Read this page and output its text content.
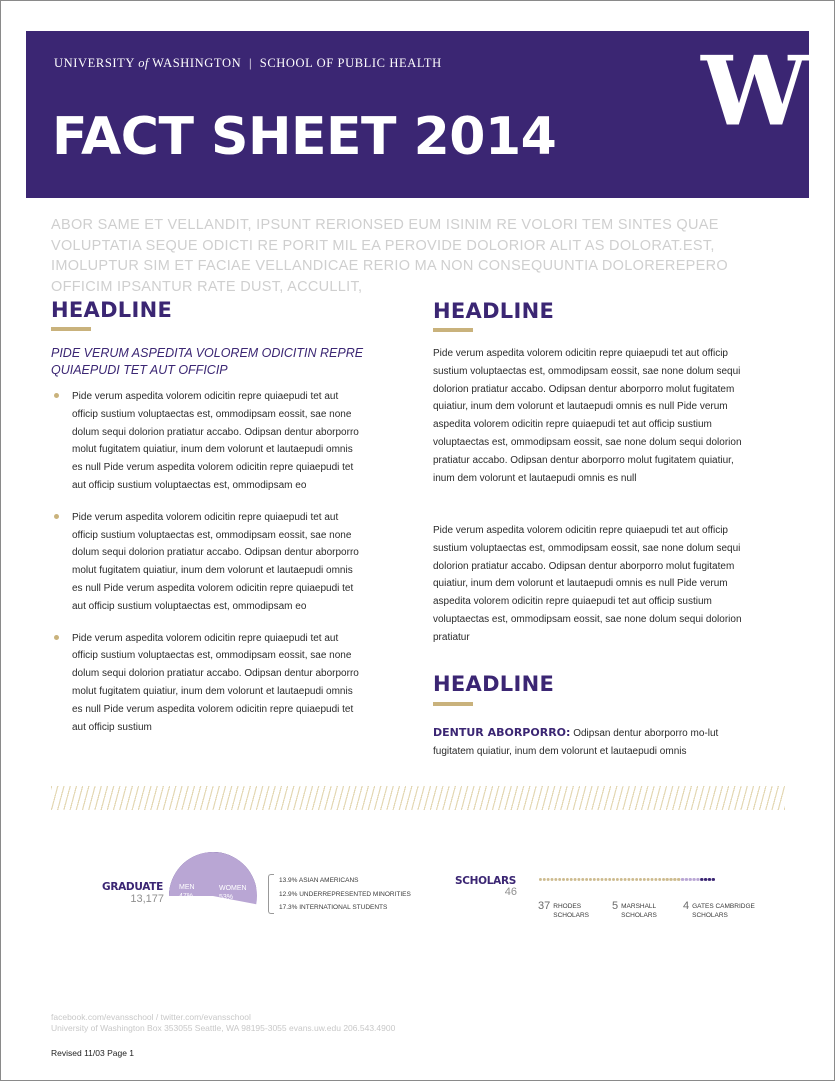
UNIVERSITY of WASHINGTON | SCHOOL OF PUBLIC HEALTH
FACT SHEET 2014 W
ABOR SAME ET VELLANDIT, IPSUNT RERIONSED EUM ISINIM RE VOLORI TEM SINTES QUAE VOLUPTATIA SEQUE ODICTI RE PORIT MIL EA PEROVIDE DOLORIOR ALIT AS DOLORAT.EST, IMOLUPTUR SIM ET FACIAE VELLANDICAE RERIO MA NON CONSEQUUNTIA DOLOREREPERO OFFICIM IPSANTUR RATE DUST, ACCULLIT,
HEADLINE
PIDE VERUM ASPEDITA VOLOREM ODICITIN REPRE QUIAEPUDI TET AUT OFFICIP
Pide verum aspedita volorem odicitin repre quiaepudi tet aut officip sustium voluptaectas est, ommodipsam eossit, sae none dolum sequi dolorion pratiatur accabo. Odipsan dentur aborporro molut fugitatem quiatiur, inum dem volorunt et lautaepudi omnis es null Pide verum aspedita volorem odicitin repre quiaepudi tet aut officip sustium voluptaectas est, ommodipsam eo
Pide verum aspedita volorem odicitin repre quiaepudi tet aut officip sustium voluptaectas est, ommodipsam eossit, sae none dolum sequi dolorion pratiatur accabo. Odipsan dentur aborporro molut fugitatem quiatiur, inum dem volorunt et lautaepudi omnis es null Pide verum aspedita volorem odicitin repre quiaepudi tet aut officip sustium voluptaectas est, ommodipsam eo
Pide verum aspedita volorem odicitin repre quiaepudi tet aut officip sustium voluptaectas est, ommodipsam eossit, sae none dolum sequi dolorion pratiatur accabo. Odipsan dentur aborporro molut fugitatem quiatiur, inum dem volorunt et lautaepudi omnis es null Pide verum aspedita volorem odicitin repre quiaepudi tet aut officip sustium
HEADLINE

Pide verum aspedita volorem odicitin repre quiaepudi tet aut officip sustium voluptaectas est, ommodipsam eossit, sae none dolum sequi dolorion pratiatur accabo. Odipsan dentur aborporro molut fugitatem quiatiur, inum dem volorunt et lautaepudi omnis es null Pide verum aspedita volorem odicitin repre quiaepudi tet aut officip sustium voluptaectas est, ommodipsam eossit, sae none dolum sequi dolorion pratiatur accabo. Odipsan dentur aborporro molut fugitatem quiatiur, inum dem volorunt et lautaepudi omnis es null

Pide verum aspedita volorem odicitin repre quiaepudi tet aut officip sustium voluptaectas est, ommodipsam eossit, sae none dolum sequi dolorion pratiatur accabo. Odipsan dentur aborporro molut fugitatem quiatiur, inum dem volorunt et lautaepudi omnis es null Pide verum aspedita volorem odicitin repre quiaepudi tet aut officip sustium voluptaectas est, ommodipsam eossit, sae none dolum sequi dolorion pratiatur

HEADLINE

DENTUR ABORPORRO: Odipsan dentur aborporro mo-lut fugitatem quiatiur, inum dem volorunt et lautaepudi omnis

GRADUATE
13,177
MEN
47%
WOMEN
53%
13.9% ASIAN AMERICANS
12.9% UNDERREPRESENTED MINORITIES
17.3% INTERNATIONAL STUDENTS
SCHOLARS
46
37 RHODES
SCHOLARS
5 MARSHALL
SCHOLARS
4 GATES CAMBRIDGE
SCHOLARS
facebook.com/evansschool / twitter.com/evansschool
University of Washington Box 353055 Seattle, WA 98195-3055 evans.uw.edu 206.543.4900
Revised 11/03 Page 1
